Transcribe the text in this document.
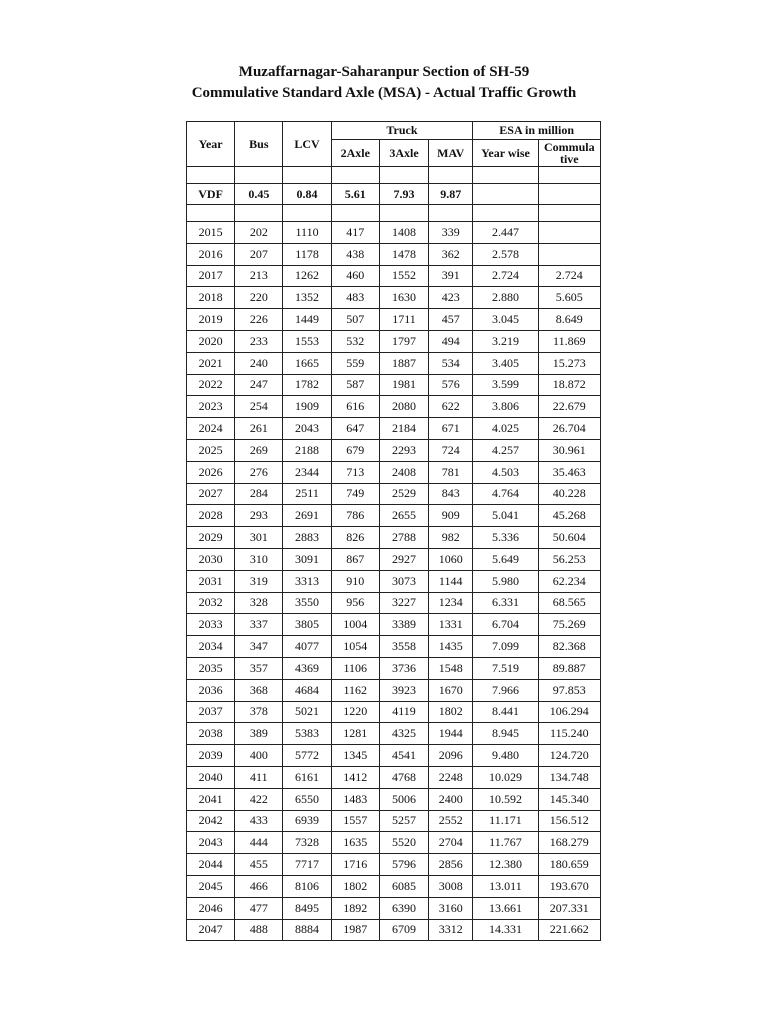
Muzaffarnagar-Saharanpur Section of SH-59
Commulative Standard Axle (MSA) - Actual Traffic Growth
Year	Bus	LCV	Truck			ESA in million	
			2Axle	3Axle	MAV	Year wise	Commula tive

VDF	0.45	0.84	5.61	7.93	9.87		

2015	202	1110	417	1408	339	2.447	
2016	207	1178	438	1478	362	2.578	
2017	213	1262	460	1552	391	2.724	2.724
2018	220	1352	483	1630	423	2.880	5.605
2019	226	1449	507	1711	457	3.045	8.649
2020	233	1553	532	1797	494	3.219	11.869
2021	240	1665	559	1887	534	3.405	15.273
2022	247	1782	587	1981	576	3.599	18.872
2023	254	1909	616	2080	622	3.806	22.679
2024	261	2043	647	2184	671	4.025	26.704
2025	269	2188	679	2293	724	4.257	30.961
2026	276	2344	713	2408	781	4.503	35.463
2027	284	2511	749	2529	843	4.764	40.228
2028	293	2691	786	2655	909	5.041	45.268
2029	301	2883	826	2788	982	5.336	50.604
2030	310	3091	867	2927	1060	5.649	56.253
2031	319	3313	910	3073	1144	5.980	62.234
2032	328	3550	956	3227	1234	6.331	68.565
2033	337	3805	1004	3389	1331	6.704	75.269
2034	347	4077	1054	3558	1435	7.099	82.368
2035	357	4369	1106	3736	1548	7.519	89.887
2036	368	4684	1162	3923	1670	7.966	97.853
2037	378	5021	1220	4119	1802	8.441	106.294
2038	389	5383	1281	4325	1944	8.945	115.240
2039	400	5772	1345	4541	2096	9.480	124.720
2040	411	6161	1412	4768	2248	10.029	134.748
2041	422	6550	1483	5006	2400	10.592	145.340
2042	433	6939	1557	5257	2552	11.171	156.512
2043	444	7328	1635	5520	2704	11.767	168.279
2044	455	7717	1716	5796	2856	12.380	180.659
2045	466	8106	1802	6085	3008	13.011	193.670
2046	477	8495	1892	6390	3160	13.661	207.331
2047	488	8884	1987	6709	3312	14.331	221.662
